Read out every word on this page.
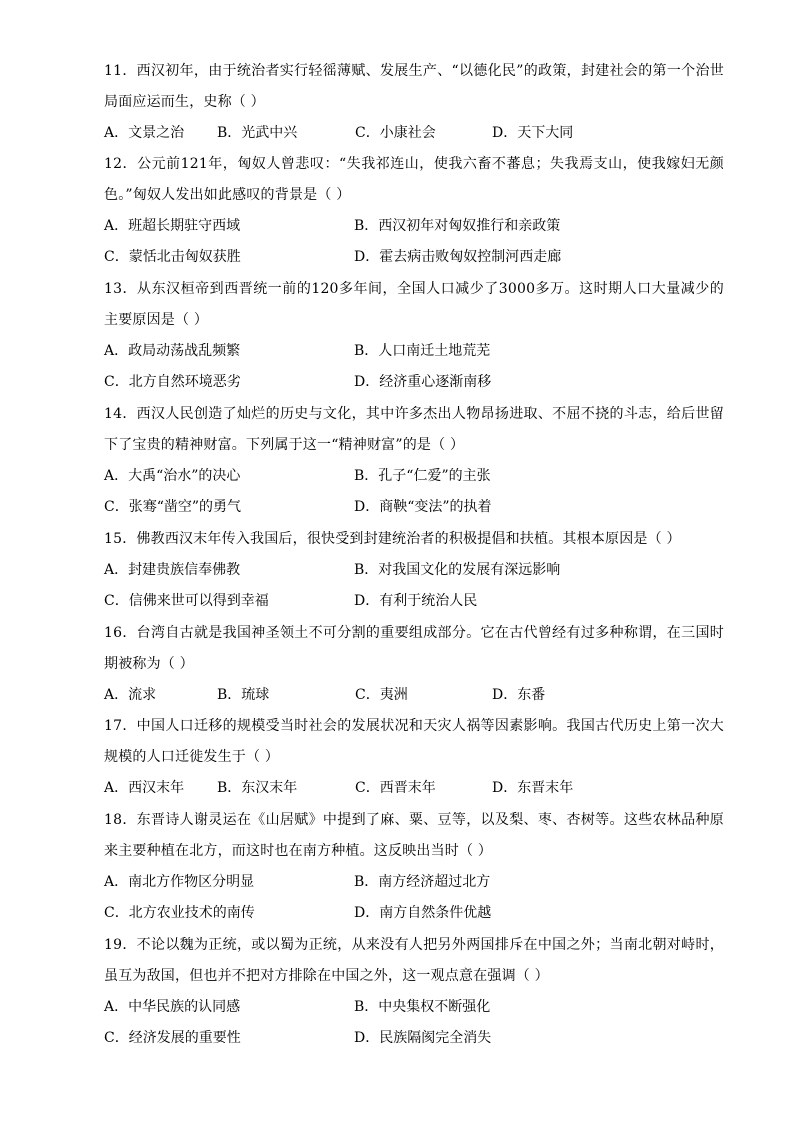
11．西汉初年，由于统治者实行轻徭薄赋、发展生产、“以德化民”的政策，封建社会的第一个治世局面应运而生，史称（ ）
A．文景之治 B．光武中兴	C．小康社会	D．天下大同
12．公元前121年，匈奴人曾悲叹：“失我祁连山，使我六畜不蕃息；失我焉支山，使我嫁妇无颜色。”匈奴人发出如此感叹的背景是（ ）
A．班超长期驻守西域	B．西汉初年对匈奴推行和亲政策
C．蒙恬北击匈奴获胜	D．霍去病击败匈奴控制河西走廊
13．从东汉桓帝到西晋统一前的120多年间，全国人口减少了3000多万。这时期人口大量减少的主要原因是（ ）
A．政局动荡战乱频繁	B．人口南迁土地荒芜
C．北方自然环境恶劣	D．经济重心逐渐南移
14．西汉人民创造了灿烂的历史与文化，其中许多杰出人物昂扬进取、不屈不挠的斗志，给后世留下了宝贵的精神财富。下列属于这一“精神财富”的是（ ）
A．大禹“治水”的决心	B．孔子“仁爱”的主张
C．张骞“凿空”的勇气	D．商鞅“变法”的执着
15．佛教西汉末年传入我国后，很快受到封建统治者的积极提倡和扶植。其根本原因是（ ）
A．封建贵族信奉佛教	B．对我国文化的发展有深远影响
C．信佛来世可以得到幸福	D．有利于统治人民
16．台湾自古就是我国神圣领土不可分割的重要组成部分。它在古代曾经有过多种称谓，在三国时期被称为（ ）
A．流求	B．琉球	C．夷洲	D．东番
17．中国人口迁移的规模受当时社会的发展状况和天灾人祸等因素影响。我国古代历史上第一次大规模的人口迁徙发生于（ ）
A．西汉末年 B．东汉末年	C．西晋末年	D．东晋末年
18．东晋诗人谢灵运在《山居赋》中提到了麻、粟、豆等，以及梨、枣、杏树等。这些农林品种原来主要种植在北方，而这时也在南方种植。这反映出当时（ ）
A．南北方作物区分明显	B．南方经济超过北方
C．北方农业技术的南传	D．南方自然条件优越
19．不论以魏为正统，或以蜀为正统，从来没有人把另外两国排斥在中国之外；当南北朝对峙时，虽互为敌国，但也并不把对方排除在中国之外，这一观点意在强调（ ）
A．中华民族的认同感	B．中央集权不断强化
C．经济发展的重要性	D．民族隔阂完全消失
